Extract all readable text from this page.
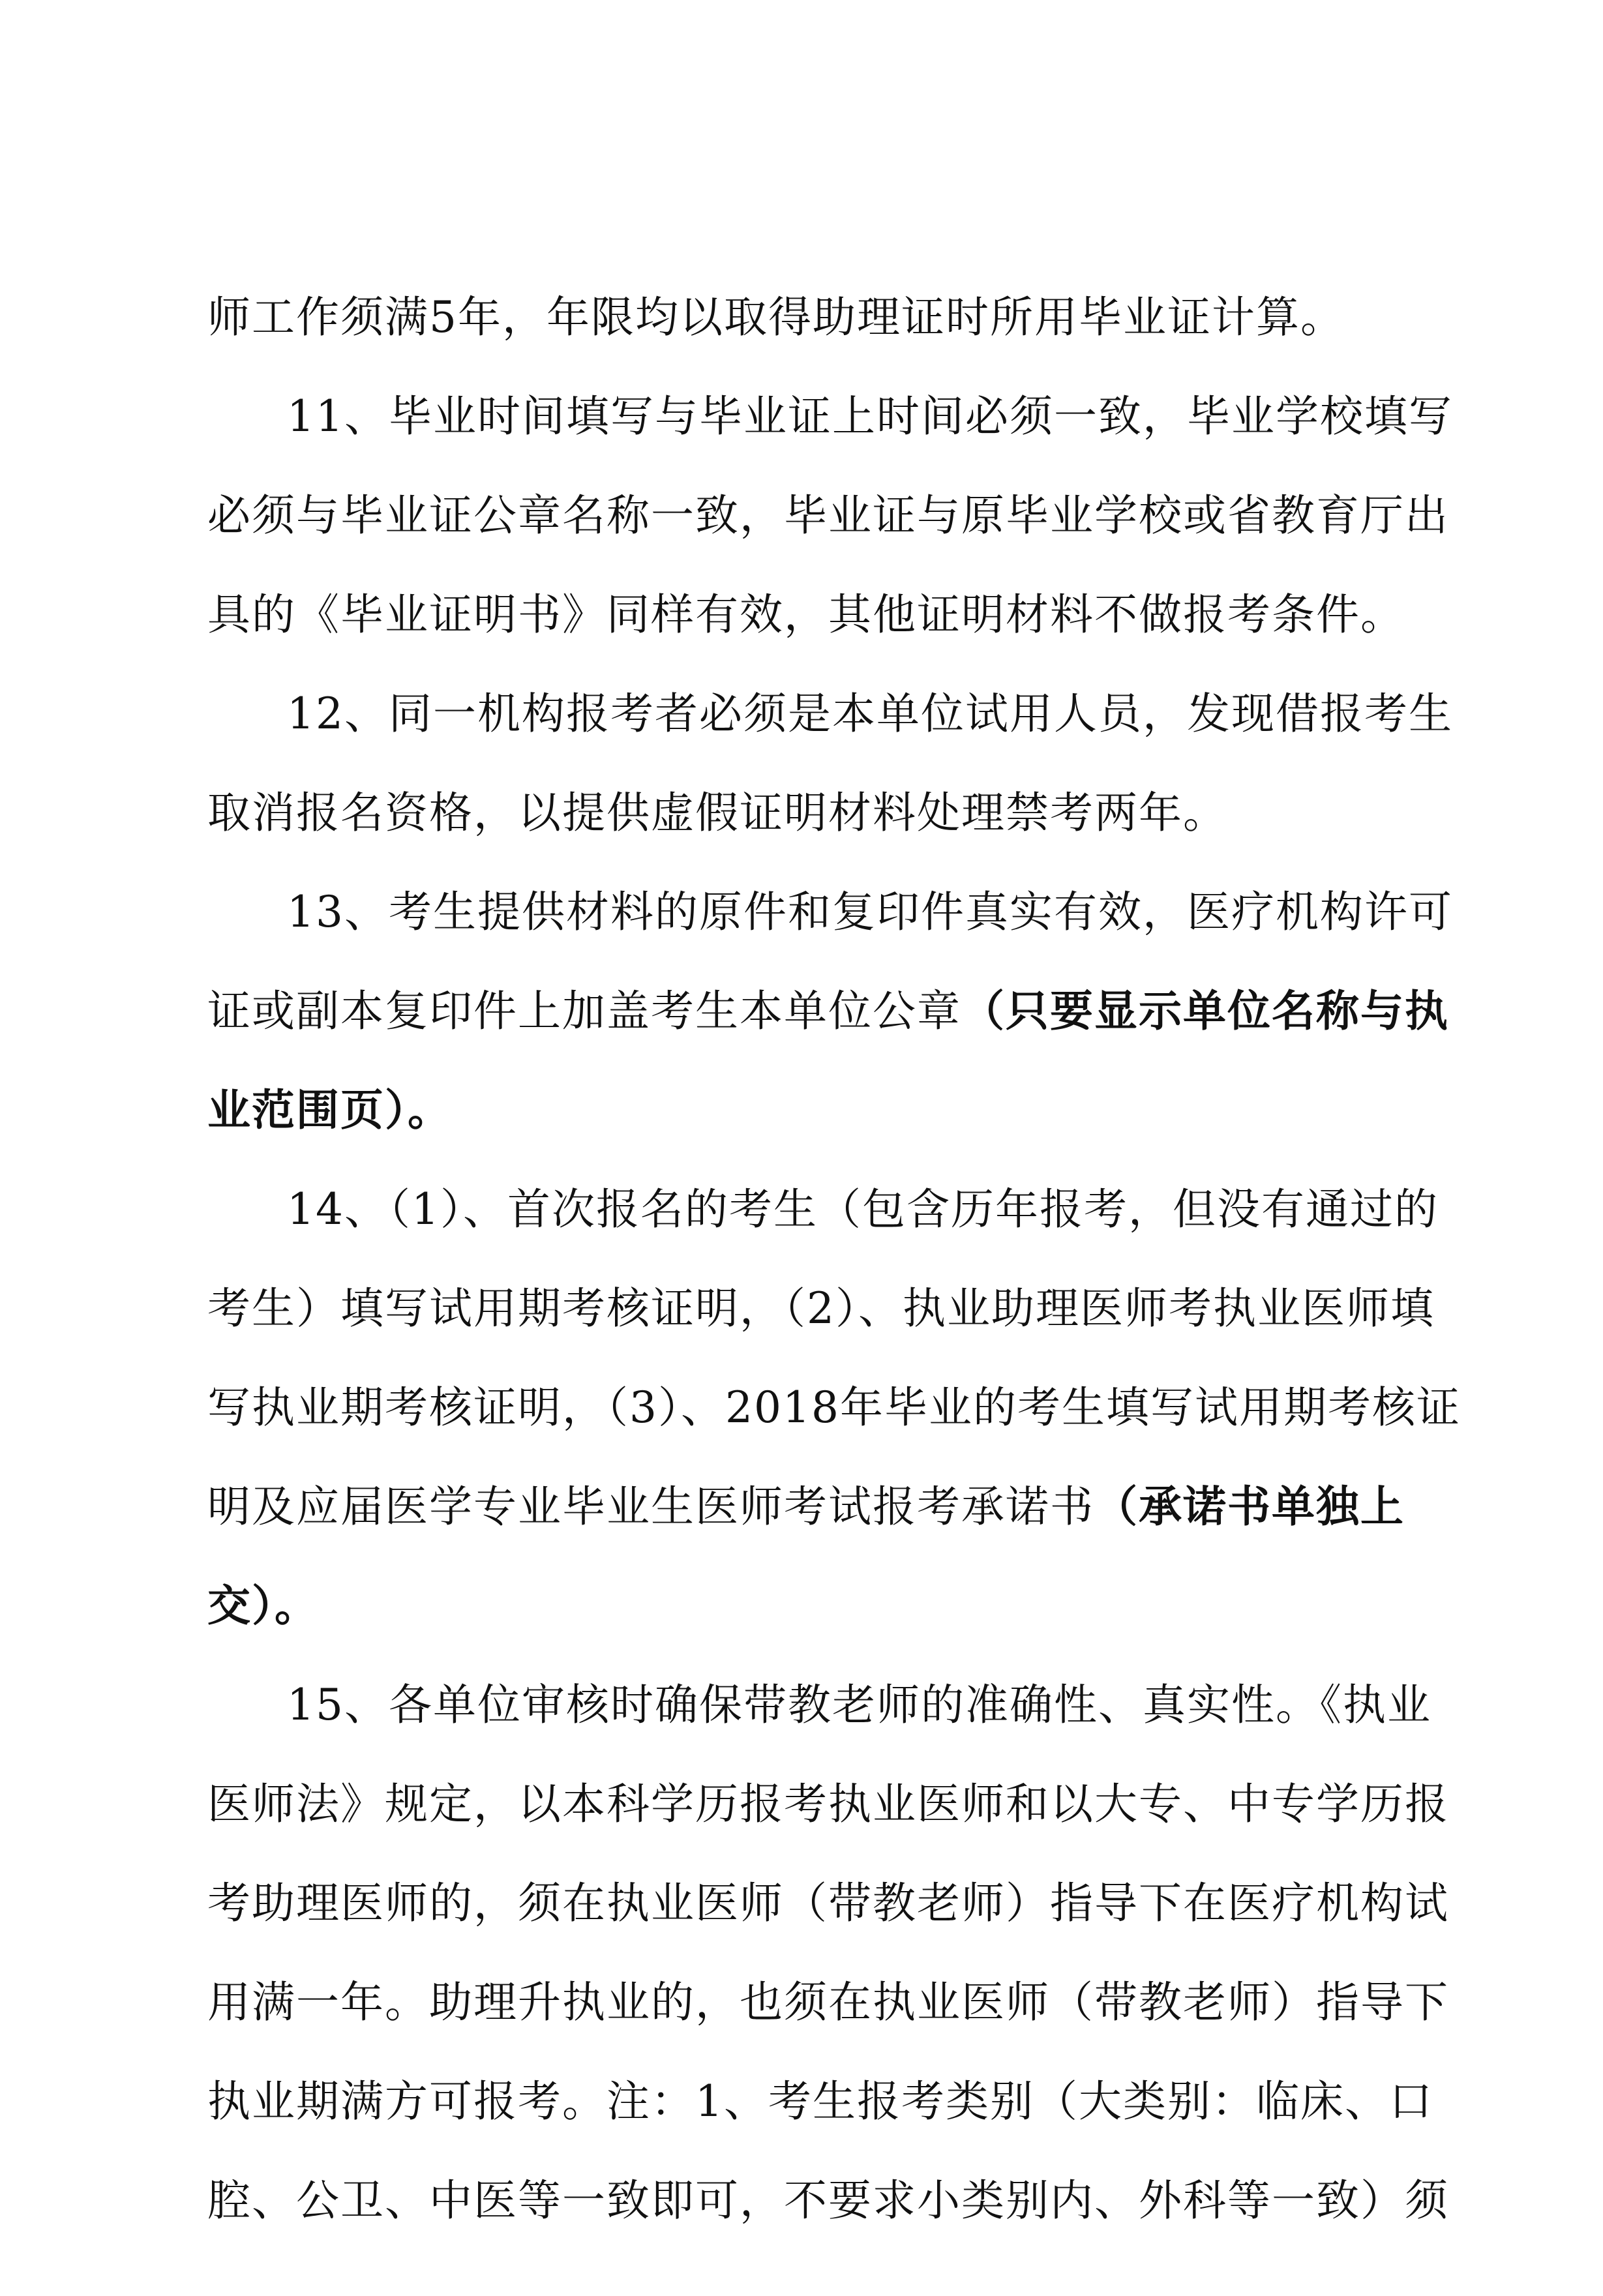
师工作须满5年，年限均以取得助理证时所用毕业证计算。
11、毕业时间填写与毕业证上时间必须一致，毕业学校填写
必须与毕业证公章名称一致，毕业证与原毕业学校或省教育厅出
具的《毕业证明书》同样有效，其他证明材料不做报考条件。
12、同一机构报考者必须是本单位试用人员，发现借报考生
取消报名资格，以提供虚假证明材料处理禁考两年。
13、考生提供材料的原件和复印件真实有效，医疗机构许可
证或副本复印件上加盖考生本单位公章（只要显示单位名称与执
业范围页）。
14、（1）、首次报名的考生（包含历年报考，但没有通过的
考生）填写试用期考核证明，（2）、执业助理医师考执业医师填
写执业期考核证明，（3）、2018年毕业的考生填写试用期考核证
明及应届医学专业毕业生医师考试报考承诺书（承诺书单独上
交）。
15、各单位审核时确保带教老师的准确性、真实性。《执业
医师法》规定，以本科学历报考执业医师和以大专、中专学历报
考助理医师的，须在执业医师（带教老师）指导下在医疗机构试
用满一年。助理升执业的，也须在执业医师（带教老师）指导下
执业期满方可报考。注：1、考生报考类别（大类别：临床、口
腔、公卫、中医等一致即可，不要求小类别内、外科等一致）须
